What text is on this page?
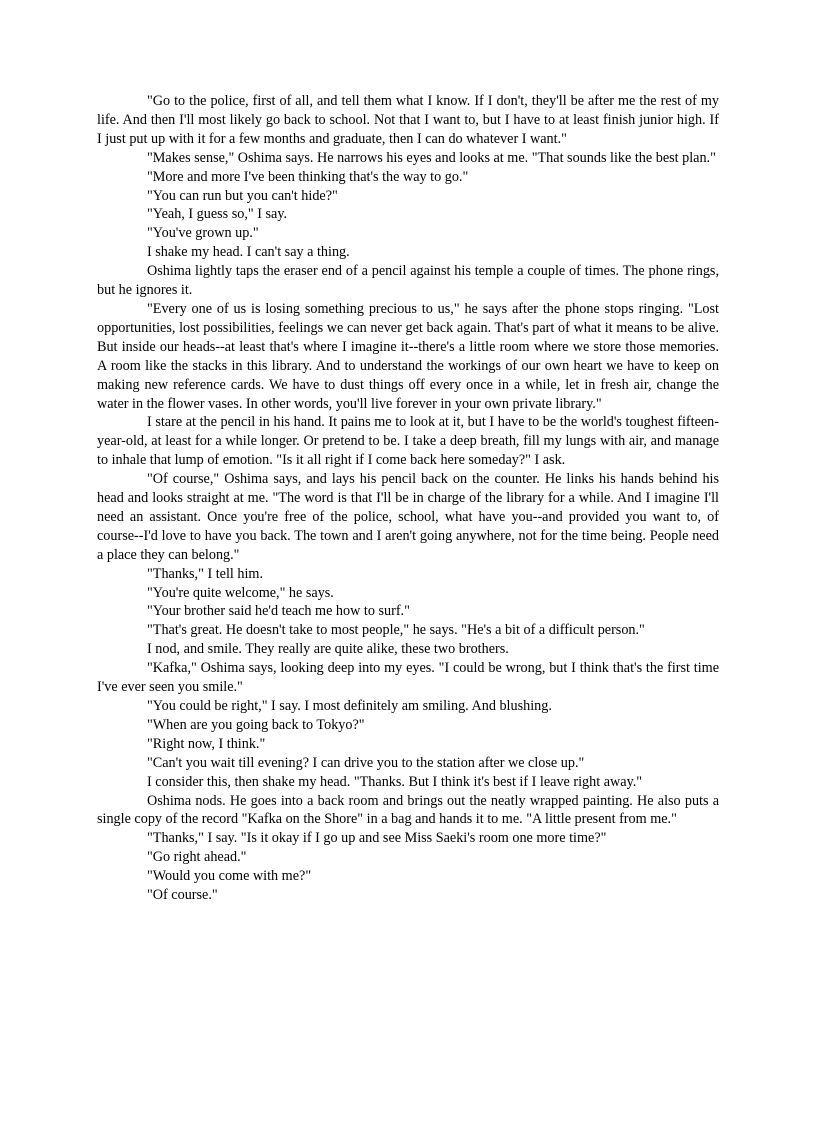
"Go to the police, first of all, and tell them what I know. If I don't, they'll be after me the rest of my life. And then I'll most likely go back to school. Not that I want to, but I have to at least finish junior high. If I just put up with it for a few months and graduate, then I can do whatever I want."

"Makes sense," Oshima says. He narrows his eyes and looks at me. "That sounds like the best plan."

"More and more I've been thinking that's the way to go."

"You can run but you can't hide?"

"Yeah, I guess so," I say.

"You've grown up."

I shake my head. I can't say a thing.

Oshima lightly taps the eraser end of a pencil against his temple a couple of times. The phone rings, but he ignores it.

"Every one of us is losing something precious to us," he says after the phone stops ringing. "Lost opportunities, lost possibilities, feelings we can never get back again. That's part of what it means to be alive. But inside our heads--at least that's where I imagine it--there's a little room where we store those memories. A room like the stacks in this library. And to understand the workings of our own heart we have to keep on making new reference cards. We have to dust things off every once in a while, let in fresh air, change the water in the flower vases. In other words, you'll live forever in your own private library."

I stare at the pencil in his hand. It pains me to look at it, but I have to be the world's toughest fifteen-year-old, at least for a while longer. Or pretend to be. I take a deep breath, fill my lungs with air, and manage to inhale that lump of emotion. "Is it all right if I come back here someday?" I ask.

"Of course," Oshima says, and lays his pencil back on the counter. He links his hands behind his head and looks straight at me. "The word is that I'll be in charge of the library for a while. And I imagine I'll need an assistant. Once you're free of the police, school, what have you--and provided you want to, of course--I'd love to have you back. The town and I aren't going anywhere, not for the time being. People need a place they can belong."

"Thanks," I tell him.

"You're quite welcome," he says.

"Your brother said he'd teach me how to surf."

"That's great. He doesn't take to most people," he says. "He's a bit of a difficult person."

I nod, and smile. They really are quite alike, these two brothers.

"Kafka," Oshima says, looking deep into my eyes. "I could be wrong, but I think that's the first time I've ever seen you smile."

"You could be right," I say. I most definitely am smiling. And blushing.

"When are you going back to Tokyo?"

"Right now, I think."

"Can't you wait till evening? I can drive you to the station after we close up."

I consider this, then shake my head. "Thanks. But I think it's best if I leave right away."

Oshima nods. He goes into a back room and brings out the neatly wrapped painting. He also puts a single copy of the record "Kafka on the Shore" in a bag and hands it to me. "A little present from me."

"Thanks," I say. "Is it okay if I go up and see Miss Saeki's room one more time?"

"Go right ahead."

"Would you come with me?"

"Of course."
